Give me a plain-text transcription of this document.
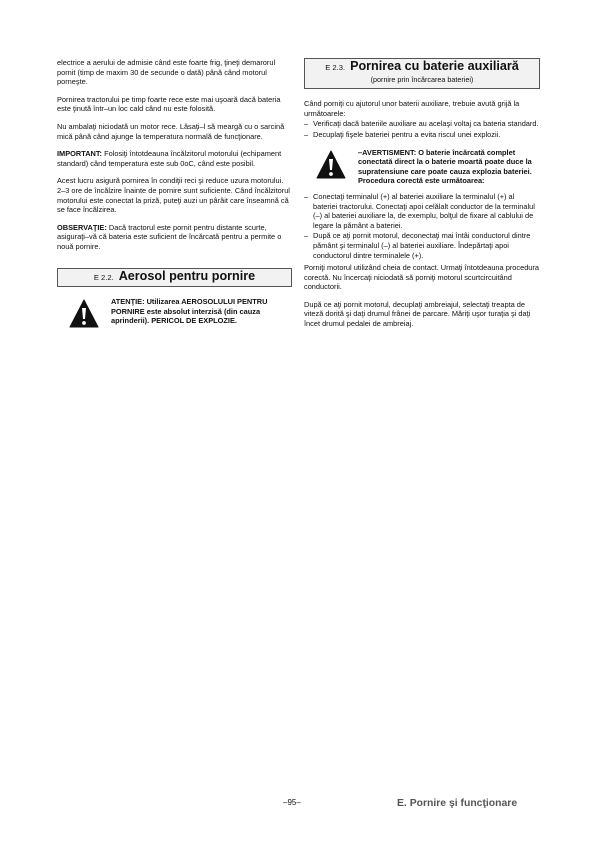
electrice a aerului de admisie când este foarte frig, ţineţi demarorul pornit (timp de maxim 30 de secunde o dată) până când motorul porneşte.

Pornirea tractorului pe timp foarte rece este mai uşoară dacă bateria este ţinută într‒un loc cald când nu este folosită.

Nu ambalaţi niciodată un motor rece. Lăsaţi‒l să meargă cu o sarcină mică până când ajunge la temperatura normală de funcţionare.

IMPORTANT: Folosiţi întotdeauna încălzitorul motorului (echipament standard) când temperatura este sub 0oC, când este posibil.

Acest lucru asigură pornirea în condiţii reci şi reduce uzura motorului. 2‒3 ore de încălzire înainte de pornire sunt suficiente. Când încălzitorul motorului este conectat la priză, puteţi auzi un pârâit care înseamnă că se face încălzirea.

OBSERVAŢIE: Dacă tractorul este pornit pentru distante scurte, asiguraţi‒vă că bateria este suficient de încărcată pentru a permite o nouă pornire.

E 2.2. Aerosol pentru pornire
ATENŢIE: Utilizarea AEROSOLULUI PENTRU PORNIRE este absolut interzisă (din cauza aprinderii). PERICOL DE EXPLOZIE.
E 2.3. Pornirea cu baterie auxiliară
(pornire prin încărcarea bateriei)

Când porniţi cu ajutorul unor baterii auxiliare, trebuie avută grijă la următoarele:

– Verificaţi dacă bateriile auxiliare au acelaşi voltaj ca bateria standard.
– Decuplaţi fişele bateriei pentru a evita riscul unei explozii.
‒AVERTISMENT: O baterie încărcată complet conectată direct la o baterie moartă poate duce la supratensiune care poate cauza explozia bateriei. Procedura corectă este următoarea:
– Conectaţi terminalul (+) al bateriei auxiliare la terminalul (+) al bateriei tractorului. Conectaţi apoi celălalt conductor de la terminalul (‒) al bateriei auxiliare la, de exemplu, bolţul de fixare al cablului de legare la pământ a bateriei.
– După ce aţi pornit motorul, deconectaţi mai întâi conductorul dintre pământ şi terminalul (‒) al bateriei auxiliare. Îndepărtaţi apoi conductorul dintre terminalele (+).

Porniţi motorul utilizând cheia de contact. Urmaţi întotdeauna procedura corectă. Nu încercaţi niciodată să porniţi motorul scurtcircuitând conductorii.

După ce aţi pornit motorul, decuplaţi ambreiajul, selectaţi treapta de viteză dorită şi daţi drumul frânei de parcare. Măriţi uşor turaţia şi daţi încet drumul pedalei de ambreiaj.

‒95‒	E. Pornire şi funcţionare
